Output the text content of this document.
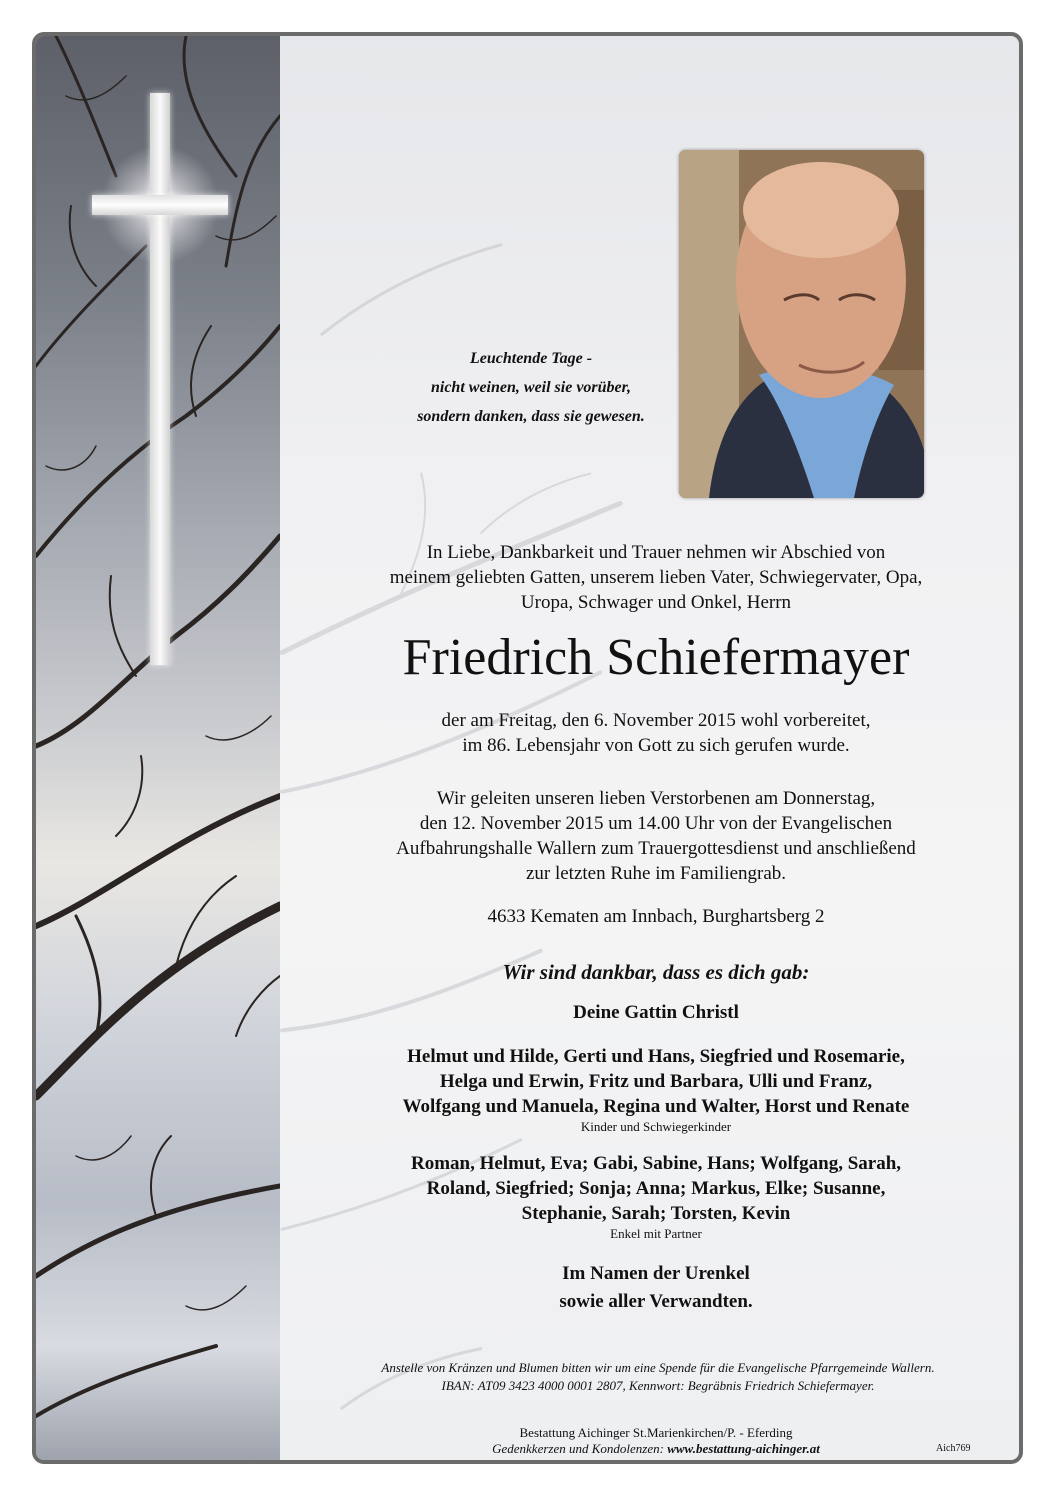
Leuchtende Tage -
nicht weinen, weil sie vorüber,
sondern danken, dass sie gewesen.
In Liebe, Dankbarkeit und Trauer nehmen wir Abschied von
meinem geliebten Gatten, unserem lieben Vater, Schwiegervater, Opa,
Uropa, Schwager und Onkel, Herrn
Friedrich Schiefermayer
der am Freitag, den 6. November 2015 wohl vorbereitet,
im 86. Lebensjahr von Gott zu sich gerufen wurde.
Wir geleiten unseren lieben Verstorbenen am Donnerstag,
den 12. November 2015 um 14.00 Uhr von der Evangelischen
Aufbahrungshalle Wallern zum Trauergottesdienst und anschließend
zur letzten Ruhe im Familiengrab.
4633 Kematen am Innbach, Burghartsberg 2
Wir sind dankbar, dass es dich gab:
Deine Gattin Christl
Helmut und Hilde, Gerti und Hans, Siegfried und Rosemarie,
Helga und Erwin, Fritz und Barbara, Ulli und Franz,
Wolfgang und Manuela, Regina und Walter, Horst und Renate
Kinder und Schwiegerkinder
Roman, Helmut, Eva; Gabi, Sabine, Hans; Wolfgang, Sarah,
Roland, Siegfried; Sonja; Anna; Markus, Elke; Susanne,
Stephanie, Sarah; Torsten, Kevin
Enkel mit Partner
Im Namen der Urenkel
sowie aller Verwandten.
Anstelle von Kränzen und Blumen bitten wir um eine Spende für die Evangelische Pfarrgemeinde Wallern.
IBAN: AT09 3423 4000 0001 2807, Kennwort: Begräbnis Friedrich Schiefermayer.
Bestattung Aichinger St.Marienkirchen/P. - Eferding
Gedenkkerzen und Kondolenzen: www.bestattung-aichinger.at	Aich769
